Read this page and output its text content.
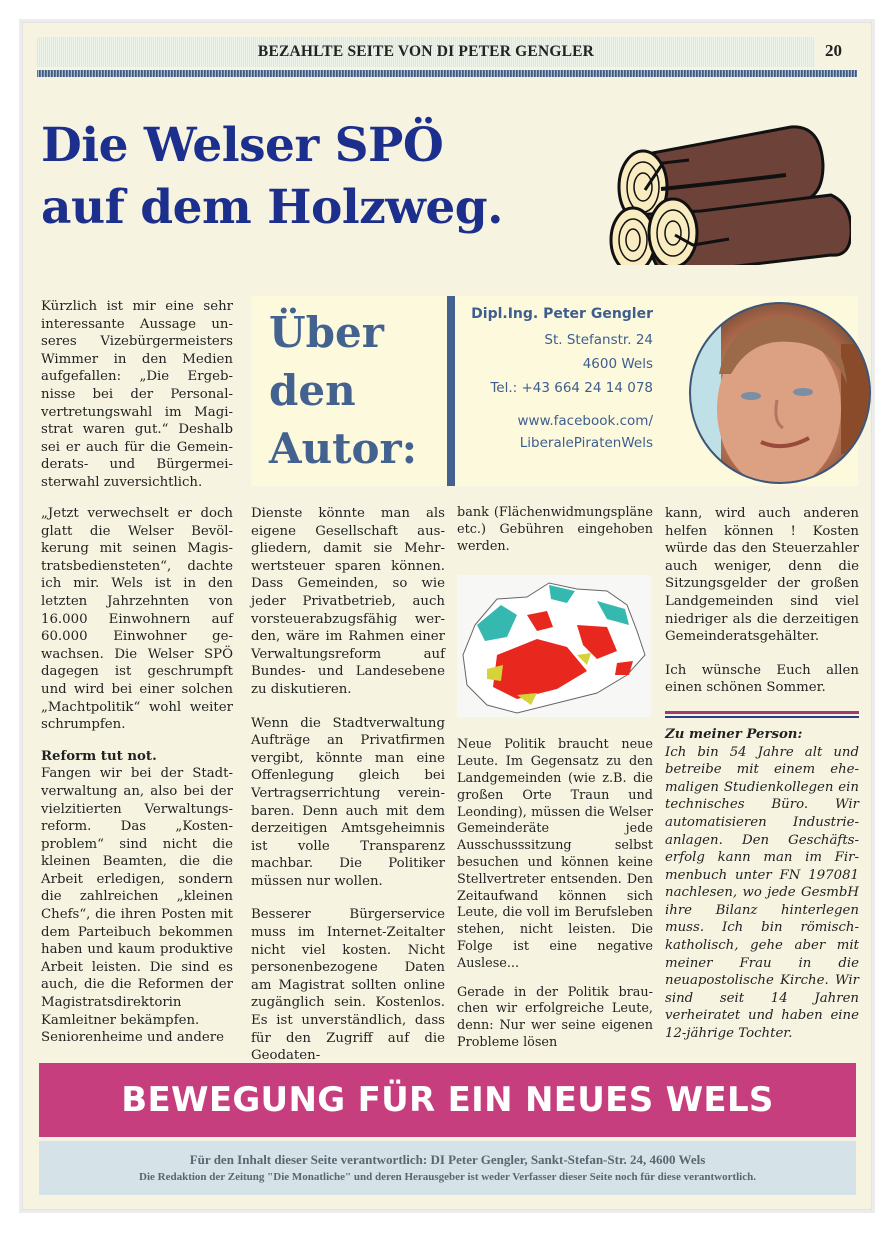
BEZAHLTE SEITE VON DI PETER GENGLER	20
Die Welser SPÖ
auf dem Holzweg.

Kürzlich ist mir eine sehr interessante Aussage unseres Vizebürgermeisters Wimmer in den Medien aufgefallen: „Die Ergebnisse bei der Personalvertretungswahl im Magistrat waren gut.“ Deshalb sei er auch für die Gemeinderats- und Bürgermeisterwahl zuversichtlich.

Über
den
Autor:
Dipl.Ing. Peter Gengler
St. Stefanstr. 24
4600 Wels
Tel.: +43 664 24 14 078
www.facebook.com/
LiberalePiratenWels

„Jetzt verwechselt er doch glatt die Welser Bevölkerung mit seinen Magistratsbediensteten“, dachte ich mir. Wels ist in den letzten Jahrzehnten von 16.000 Einwohnern auf 60.000 Einwohner gewachsen. Die Welser SPÖ dagegen ist geschrumpft und wird bei einer solchen „Machtpolitik“ wohl weiter schrumpfen.

Reform tut not.

Fangen wir bei der Stadtverwaltung an, also bei der vielzitierten Verwaltungsreform. Das „Kostenproblem“ sind nicht die kleinen Beamten, die die Arbeit erledigen, sondern die zahlreichen „kleinen Chefs“, die ihren Posten mit dem Parteibuch bekommen haben und kaum produktive Arbeit leisten. Die sind es auch, die die Reformen der Magistratsdirektorin Kamleitner bekämpfen.

Seniorenheime und andere

Dienste könnte man als eigene Gesellschaft ausgliedern, damit sie Mehrwertsteuer sparen können. Dass Gemeinden, so wie jeder Privatbetrieb, auch vorsteuerabzugsfähig werden, wäre im Rahmen einer Verwaltungsreform auf Bundes- und Landesebene zu diskutieren.

Wenn die Stadtverwaltung Aufträge an Privatfirmen vergibt, könnte man eine Offenlegung gleich bei Vertragserrichtung vereinbaren. Denn auch mit dem derzeitigen Amtsgeheimnis ist volle Transparenz machbar. Die Politiker müssen nur wollen.

Besserer Bürgerservice muss im Internet-Zeitalter nicht viel kosten. Nicht personenbezogene Daten am Magistrat sollten online zugänglich sein. Kostenlos. Es ist unverständlich, dass für den Zugriff auf die Geodaten-

bank (Flächenwidmungspläne etc.) Gebühren eingehoben werden.

Neue Politik braucht neue Leute. Im Gegensatz zu den Landgemeinden (wie z.B. die großen Orte Traun und Leonding), müssen die Welser Gemeinderäte jede Ausschusssitzung selbst besuchen und können keine Stellvertreter entsenden. Den Zeitaufwand können sich Leute, die voll im Berufsleben stehen, nicht leisten. Die Folge ist eine negative Auslese...

Gerade in der Politik brauchen wir erfolgreiche Leute, denn: Nur wer seine eigenen Probleme lösen

kann, wird auch anderen helfen können ! Kosten würde das den Steuerzahler auch weniger, denn die Sitzungsgelder der großen Landgemeinden sind viel niedriger als die derzeitigen Gemeinderatsgehälter.

Ich wünsche Euch allen einen schönen Sommer.

Zu meiner Person:

Ich bin 54 Jahre alt und betreibe mit einem ehemaligen Studienkollegen ein technisches Büro. Wir automatisieren Industrieanlagen. Den Geschäftserfolg kann man im Firmenbuch unter FN 197081 nachlesen, wo jede GesmbH ihre Bilanz hinterlegen muss. Ich bin römisch-katholisch, gehe aber mit meiner Frau in die neuapostolische Kirche. Wir sind seit 14 Jahren verheiratet und haben eine 12-jährige Tochter.

BEWEGUNG FÜR EIN NEUES WELS
Für den Inhalt dieser Seite verantwortlich: DI Peter Gengler, Sankt-Stefan-Str. 24, 4600 Wels
Die Redaktion der Zeitung "Die Monatliche" und deren Herausgeber ist weder Verfasser dieser Seite noch für diese verantwortlich.
